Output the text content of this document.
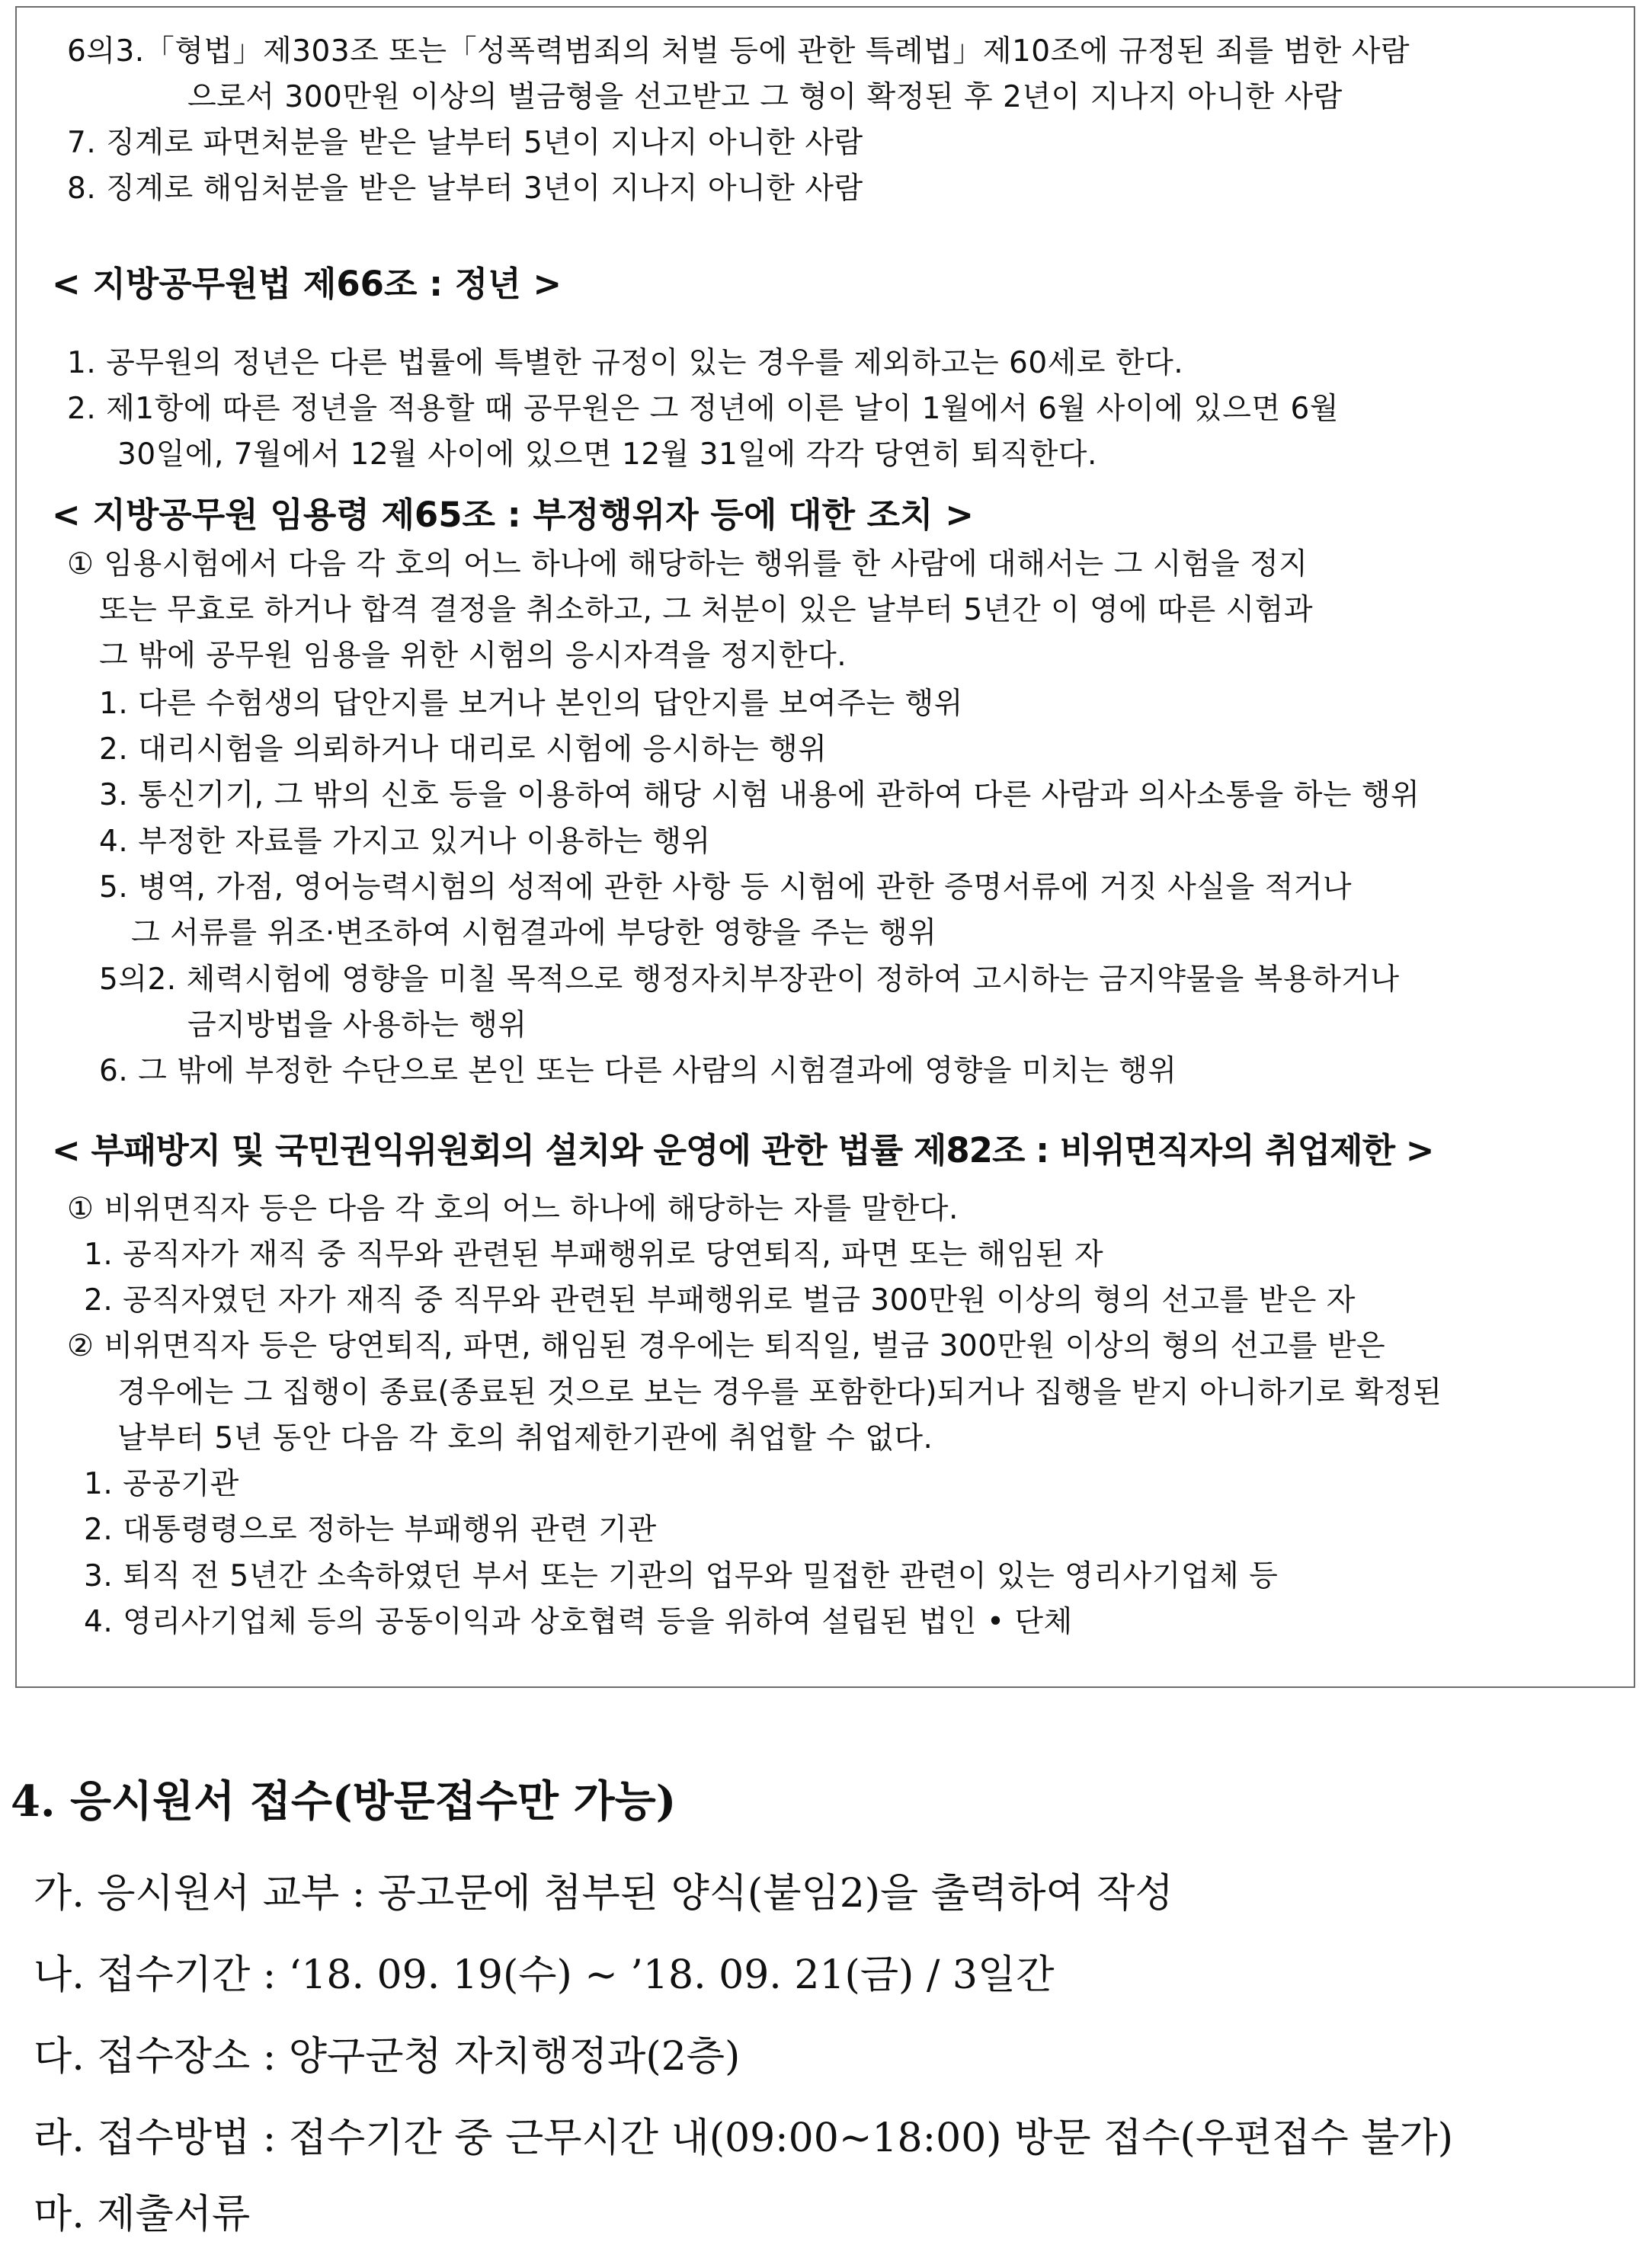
6의3.「형법」제303조 또는「성폭력범죄의 처벌 등에 관한 특례법」제10조에 규정된 죄를 범한 사람
으로서 300만원 이상의 벌금형을 선고받고 그 형이 확정된 후 2년이 지나지 아니한 사람
7. 징계로 파면처분을 받은 날부터 5년이 지나지 아니한 사람
8. 징계로 해임처분을 받은 날부터 3년이 지나지 아니한 사람
< 지방공무원법 제66조 : 정년 >
1. 공무원의 정년은 다른 법률에 특별한 규정이 있는 경우를 제외하고는 60세로 한다.
2. 제1항에 따른 정년을 적용할 때 공무원은 그 정년에 이른 날이 1월에서 6월 사이에 있으면 6월
30일에, 7월에서 12월 사이에 있으면 12월 31일에 각각 당연히 퇴직한다.
< 지방공무원 임용령 제65조 : 부정행위자 등에 대한 조치 >
① 임용시험에서 다음 각 호의 어느 하나에 해당하는 행위를 한 사람에 대해서는 그 시험을 정지
또는 무효로 하거나 합격 결정을 취소하고, 그 처분이 있은 날부터 5년간 이 영에 따른 시험과
그 밖에 공무원 임용을 위한 시험의 응시자격을 정지한다.
1. 다른 수험생의 답안지를 보거나 본인의 답안지를 보여주는 행위
2. 대리시험을 의뢰하거나 대리로 시험에 응시하는 행위
3. 통신기기, 그 밖의 신호 등을 이용하여 해당 시험 내용에 관하여 다른 사람과 의사소통을 하는 행위
4. 부정한 자료를 가지고 있거나 이용하는 행위
5. 병역, 가점, 영어능력시험의 성적에 관한 사항 등 시험에 관한 증명서류에 거짓 사실을 적거나
그 서류를 위조·변조하여 시험결과에 부당한 영향을 주는 행위
5의2. 체력시험에 영향을 미칠 목적으로 행정자치부장관이 정하여 고시하는 금지약물을 복용하거나
금지방법을 사용하는 행위
6. 그 밖에 부정한 수단으로 본인 또는 다른 사람의 시험결과에 영향을 미치는 행위
< 부패방지 및 국민권익위원회의 설치와 운영에 관한 법률 제82조 : 비위면직자의 취업제한 >
① 비위면직자 등은 다음 각 호의 어느 하나에 해당하는 자를 말한다.
1. 공직자가 재직 중 직무와 관련된 부패행위로 당연퇴직, 파면 또는 해임된 자
2. 공직자였던 자가 재직 중 직무와 관련된 부패행위로 벌금 300만원 이상의 형의 선고를 받은 자
② 비위면직자 등은 당연퇴직, 파면, 해임된 경우에는 퇴직일, 벌금 300만원 이상의 형의 선고를 받은
경우에는 그 집행이 종료(종료된 것으로 보는 경우를 포함한다)되거나 집행을 받지 아니하기로 확정된
날부터 5년 동안 다음 각 호의 취업제한기관에 취업할 수 없다.
1. 공공기관
2. 대통령령으로 정하는 부패행위 관련 기관
3. 퇴직 전 5년간 소속하였던 부서 또는 기관의 업무와 밀접한 관련이 있는 영리사기업체 등
4. 영리사기업체 등의 공동이익과 상호협력 등을 위하여 설립된 법인 • 단체
4. 응시원서 접수(방문접수만 가능)
가. 응시원서 교부 : 공고문에 첨부된 양식(붙임2)을 출력하여 작성
나. 접수기간 : ‘18. 09. 19(수) ~ ’18. 09. 21(금) / 3일간
다. 접수장소 : 양구군청 자치행정과(2층)
라. 접수방법 : 접수기간 중 근무시간 내(09:00~18:00) 방문 접수(우편접수 불가)
마. 제출서류
